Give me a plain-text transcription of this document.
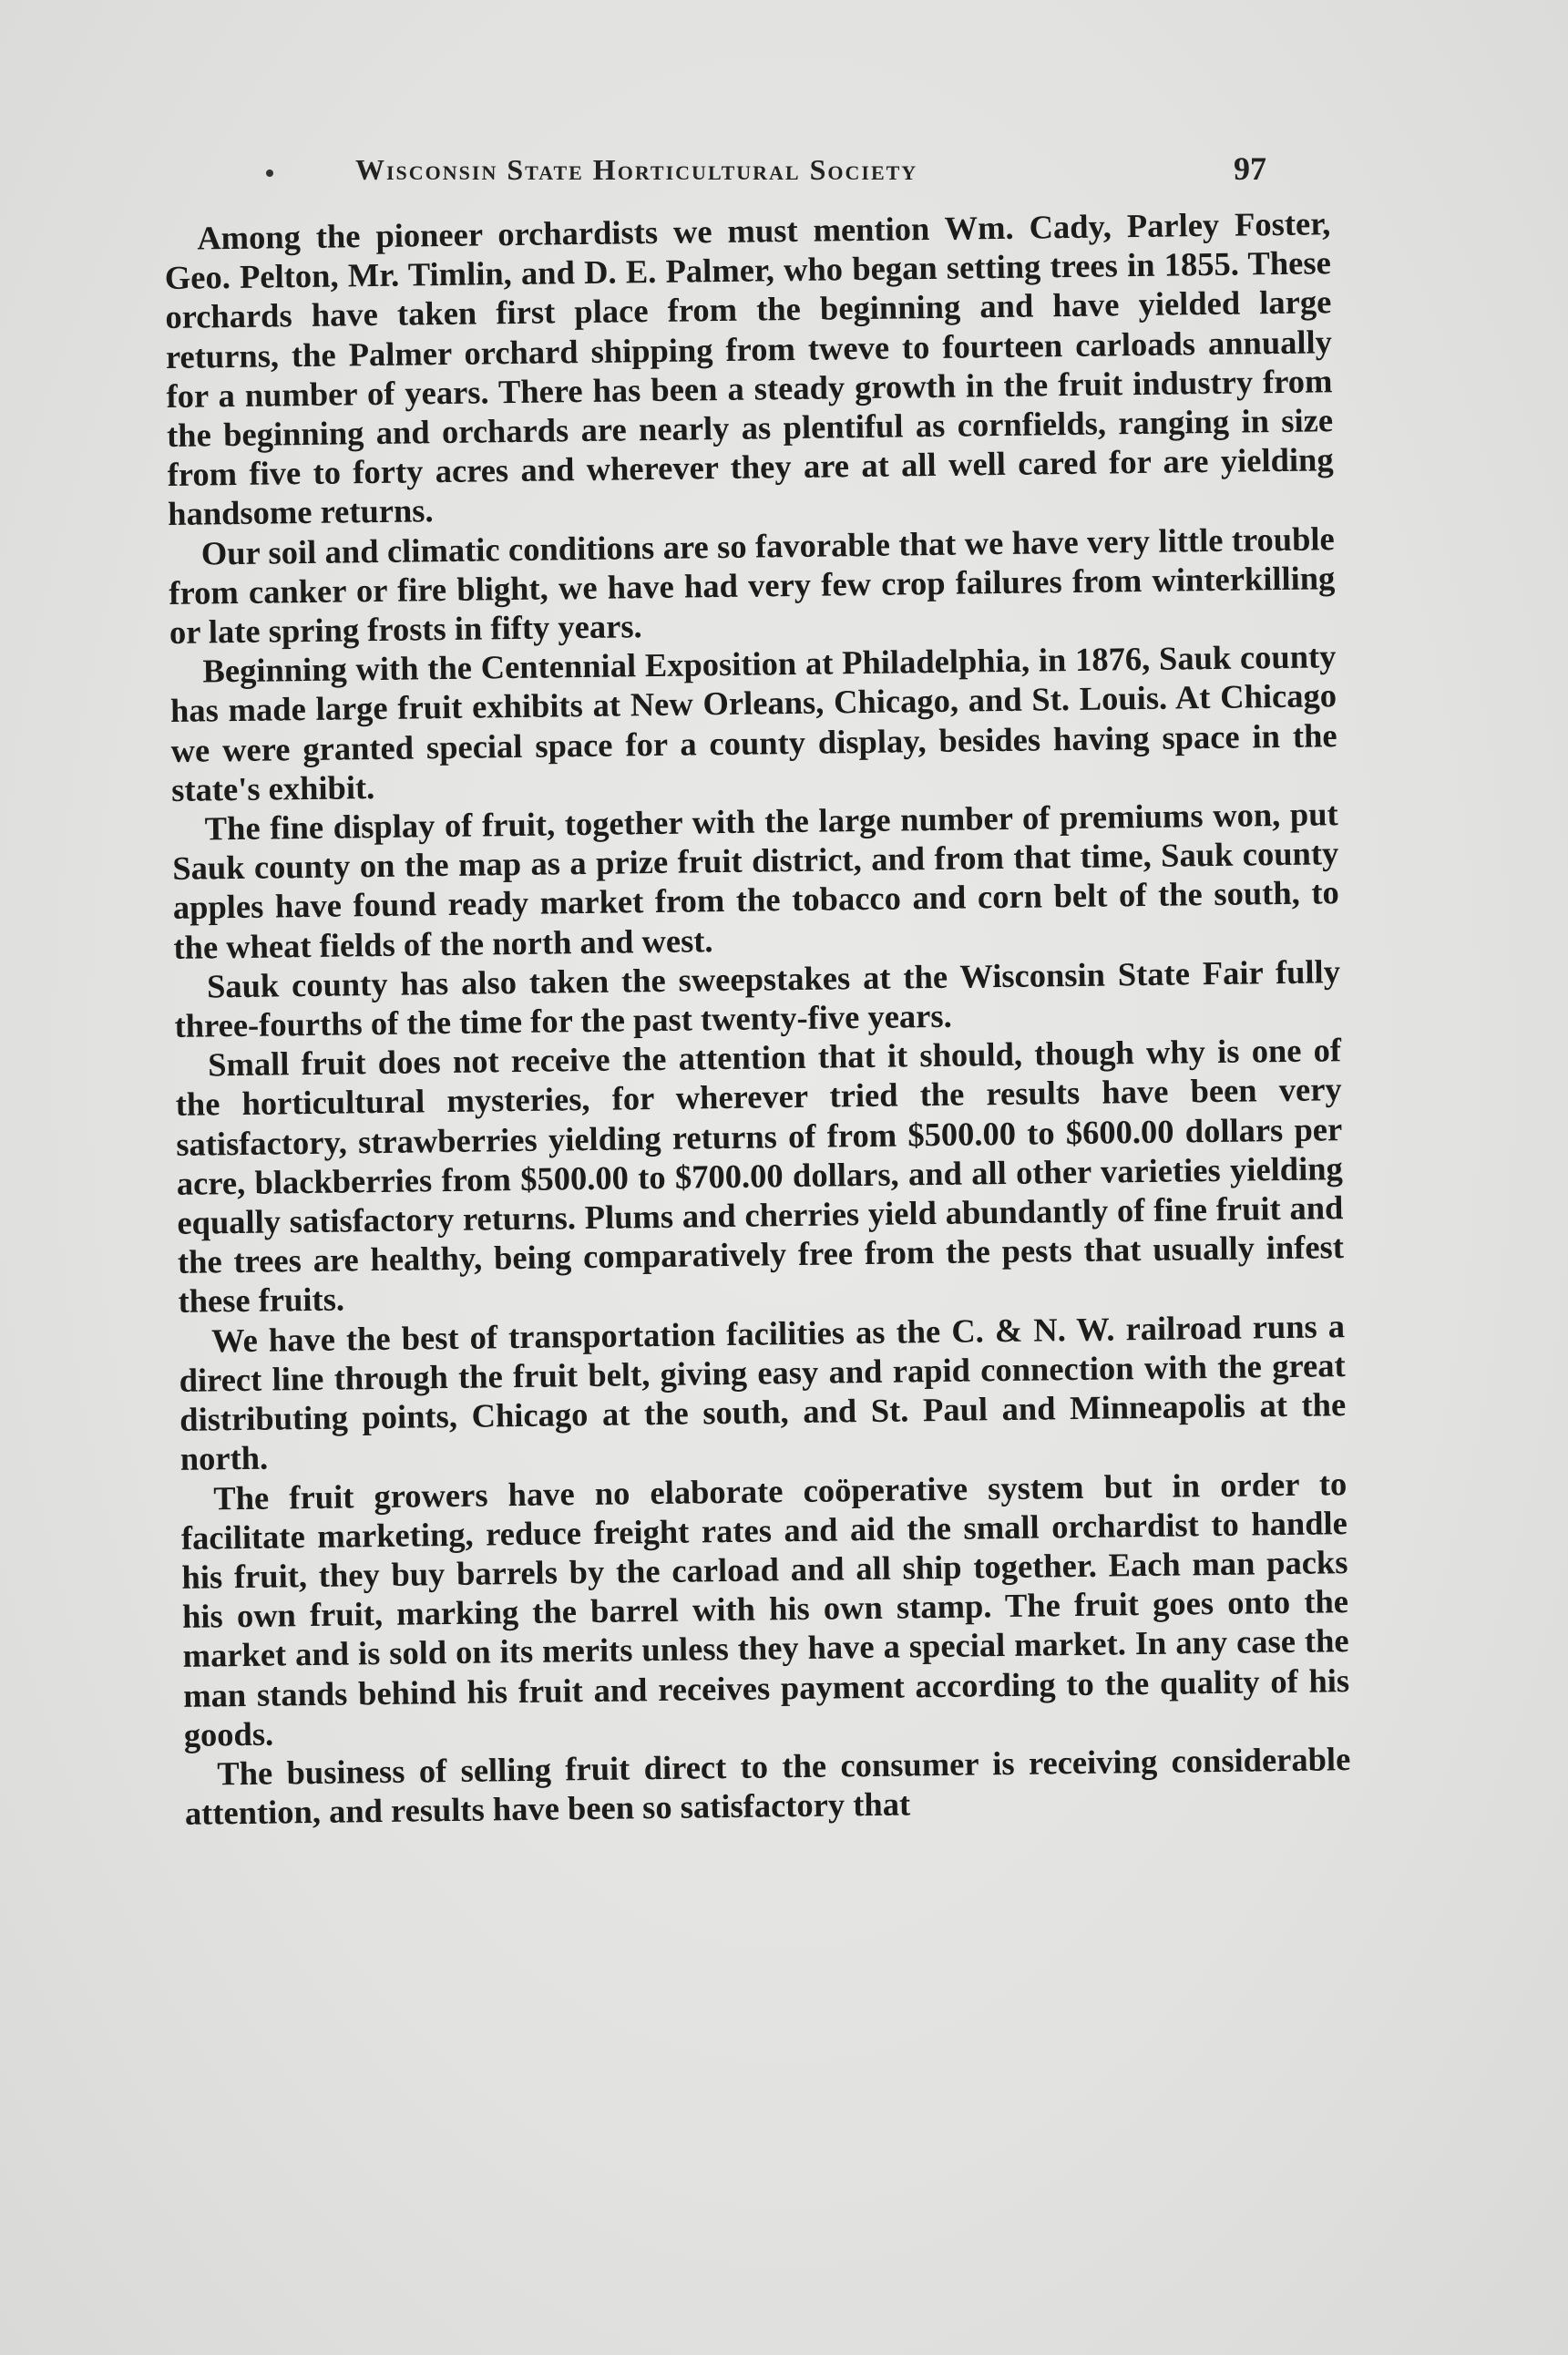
Wisconsin State Horticultural Society	97

Among the pioneer orchardists we must mention Wm. Cady, Parley Foster, Geo. Pelton, Mr. Timlin, and D. E. Palmer, who began setting trees in 1855. These orchards have taken first place from the beginning and have yielded large returns, the Palmer orchard shipping from tweve to fourteen carloads annually for a number of years. There has been a steady growth in the fruit industry from the beginning and orchards are nearly as plentiful as cornfields, ranging in size from five to forty acres and wherever they are at all well cared for are yielding handsome returns.

Our soil and climatic conditions are so favorable that we have very little trouble from canker or fire blight, we have had very few crop failures from winterkilling or late spring frosts in fifty years.

Beginning with the Centennial Exposition at Philadelphia, in 1876, Sauk county has made large fruit exhibits at New Orleans, Chicago, and St. Louis. At Chicago we were granted special space for a county display, besides having space in the state's exhibit.

The fine display of fruit, together with the large number of premiums won, put Sauk county on the map as a prize fruit district, and from that time, Sauk county apples have found ready market from the tobacco and corn belt of the south, to the wheat fields of the north and west.

Sauk county has also taken the sweepstakes at the Wisconsin State Fair fully three-fourths of the time for the past twenty-five years.

Small fruit does not receive the attention that it should, though why is one of the horticultural mysteries, for wherever tried the results have been very satisfactory, strawberries yielding returns of from $500.00 to $600.00 dollars per acre, blackberries from $500.00 to $700.00 dollars, and all other varieties yielding equally satisfactory returns. Plums and cherries yield abundantly of fine fruit and the trees are healthy, being comparatively free from the pests that usually infest these fruits.

We have the best of transportation facilities as the C. & N. W. railroad runs a direct line through the fruit belt, giving easy and rapid connection with the great distributing points, Chicago at the south, and St. Paul and Minneapolis at the north.

The fruit growers have no elaborate coöperative system but in order to facilitate marketing, reduce freight rates and aid the small orchardist to handle his fruit, they buy barrels by the carload and all ship together. Each man packs his own fruit, marking the barrel with his own stamp. The fruit goes onto the market and is sold on its merits unless they have a special market. In any case the man stands behind his fruit and receives payment according to the quality of his goods.

The business of selling fruit direct to the consumer is receiving considerable attention, and results have been so satisfactory that
